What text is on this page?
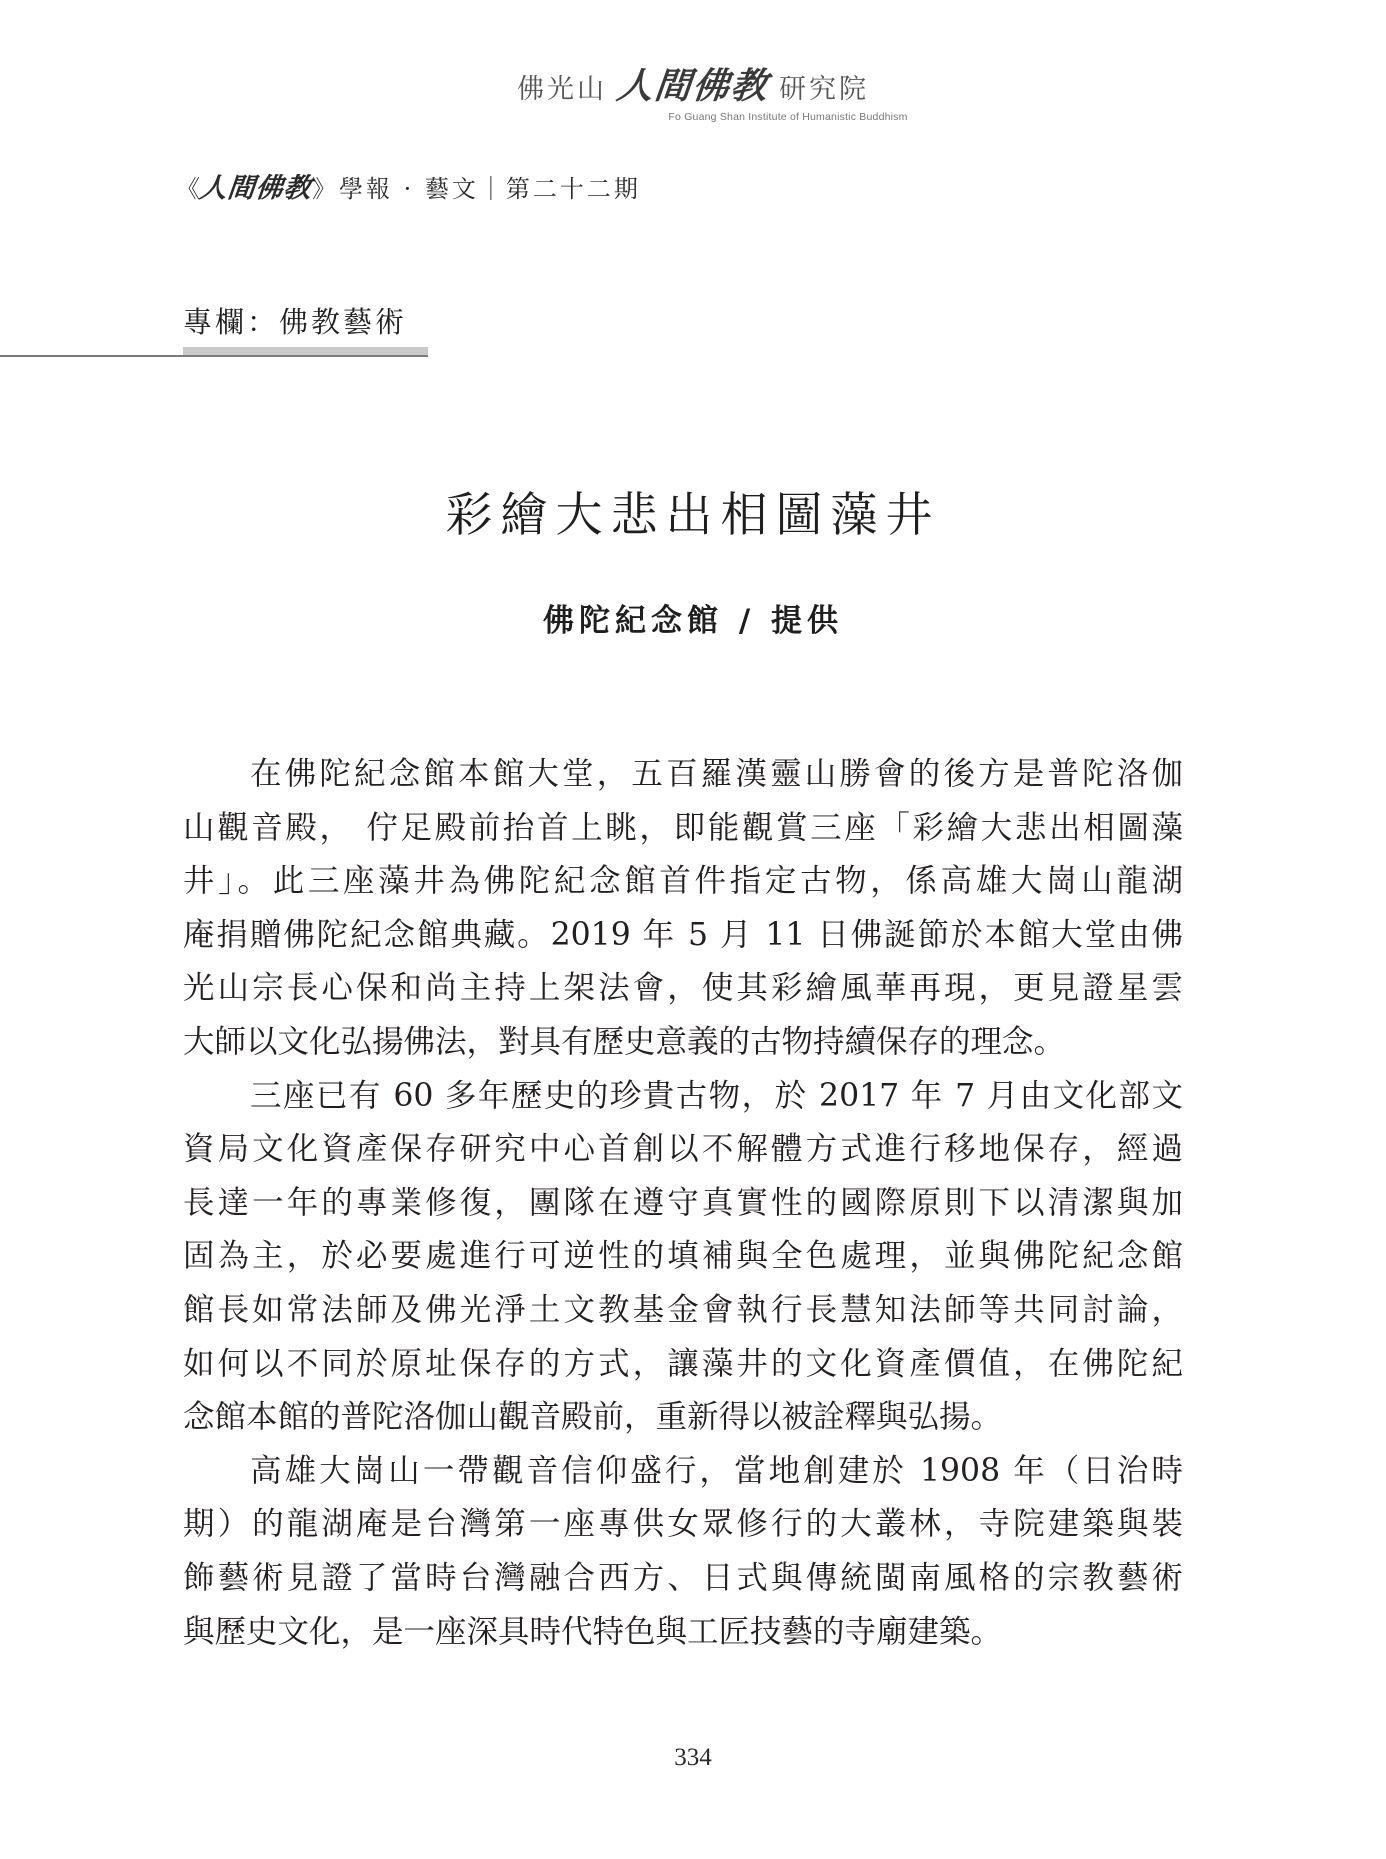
佛光山 人間佛教 研究院
Fo Guang Shan Institute of Humanistic Buddhism
《
人間佛教
》學報 · 藝文｜第二十二期
專欄：佛教藝術
彩繪大悲出相圖藻井
佛陀紀念館 / 提供
在佛陀紀念館本館大堂，五百羅漢靈山勝會的後方是普陀洛伽
山觀音殿， 佇足殿前抬首上眺，即能觀賞三座「彩繪大悲出相圖藻
井」。此三座藻井為佛陀紀念館首件指定古物，係高雄大崗山龍湖
庵捐贈佛陀紀念館典藏。2019 年 5 月 11 日佛誕節於本館大堂由佛
光山宗長心保和尚主持上架法會，使其彩繪風華再現，更見證星雲
大師以文化弘揚佛法，對具有歷史意義的古物持續保存的理念。
三座已有 60 多年歷史的珍貴古物，於 2017 年 7 月由文化部文
資局文化資產保存研究中心首創以不解體方式進行移地保存，經過
長達一年的專業修復，團隊在遵守真實性的國際原則下以清潔與加
固為主，於必要處進行可逆性的填補與全色處理，並與佛陀紀念館
館長如常法師及佛光淨土文教基金會執行長慧知法師等共同討論，
如何以不同於原址保存的方式，讓藻井的文化資產價值，在佛陀紀
念館本館的普陀洛伽山觀音殿前，重新得以被詮釋與弘揚。
高雄大崗山一帶觀音信仰盛行，當地創建於 1908 年（日治時
期）的龍湖庵是台灣第一座專供女眾修行的大叢林，寺院建築與裝
飾藝術見證了當時台灣融合西方、日式與傳統閩南風格的宗教藝術
與歷史文化，是一座深具時代特色與工匠技藝的寺廟建築。
334
